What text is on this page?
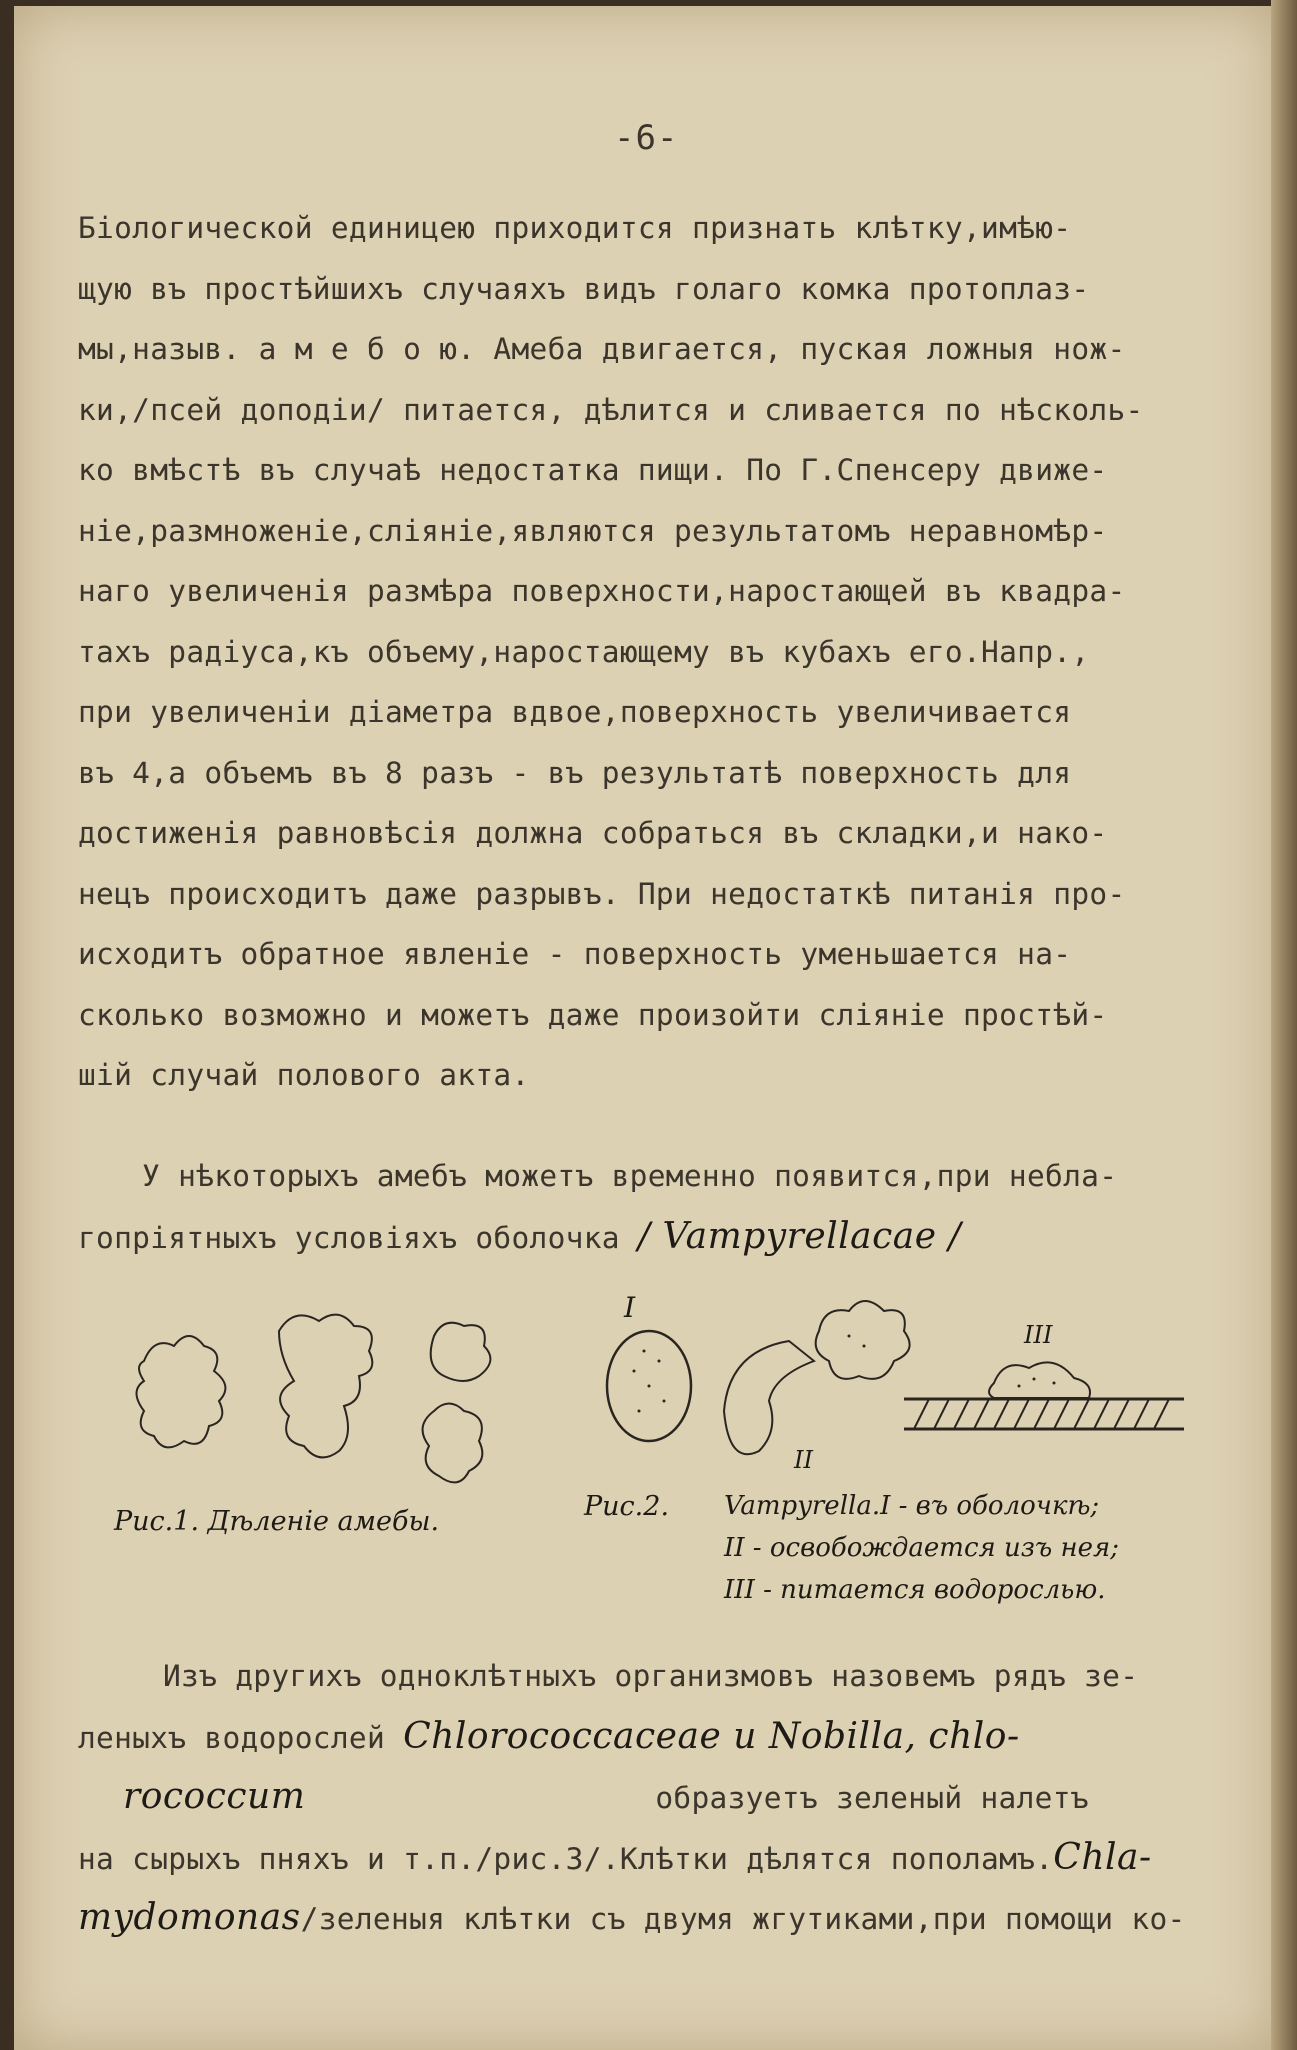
-6-
Біологической единицею приходится признать клѣтку,имѣю-
щую въ простѣйшихъ случаяхъ видъ голаго комка протоплаз-
мы,назыв. а м е б о ю. Амеба двигается, пуская ложныя нож-
ки,/псей доподіи/ питается, дѣлится и сливается по нѣсколь-
ко вмѣстѣ въ случаѣ недостатка пищи. По Г.Спенсеру движе-
ніе,размноженіе,сліяніе,являются результатомъ неравномѣр-
наго увеличенія размѣра поверхности,наростающей въ квадра-
тахъ радіуса,къ объему,наростающему въ кубахъ его.Напр.,
при увеличеніи діаметра вдвое,поверхность увеличивается
въ 4,а объемъ въ 8 разъ - въ результатѣ поверхность для
достиженія равновѣсія должна собраться въ складки,и нако-
нецъ происходитъ даже разрывъ. При недостаткѣ питанія про-
исходитъ обратное явленіе - поверхность уменьшается на-
сколько возможно и можетъ даже произойти сліяніе простѣй-
шій случай полового акта.
У нѣкоторыхъ амебъ можетъ временно появится,при небла-
гопріятныхъ условіяхъ оболочка / Vampyrellacae /
I
II
III
Рис.1. Дѣленіе амебы.	Рис.2. Vampyrella.I - въ оболочкѣ;
II - освобождается изъ нея;
III - питается водорослью.
Изъ другихъ одноклѣтныхъ организмовъ назовемъ рядъ зе-
леныхъ водорослей Chlorococcaceae и Nobilla, chlo-
rococcum	образуетъ зеленый налетъ
на сырыхъ пняхъ и т.п./рис.3/.Клѣтки дѣлятся пополамъ.Chla-
mydomonas/зеленыя клѣтки съ двумя жгутиками,при помощи ко-
